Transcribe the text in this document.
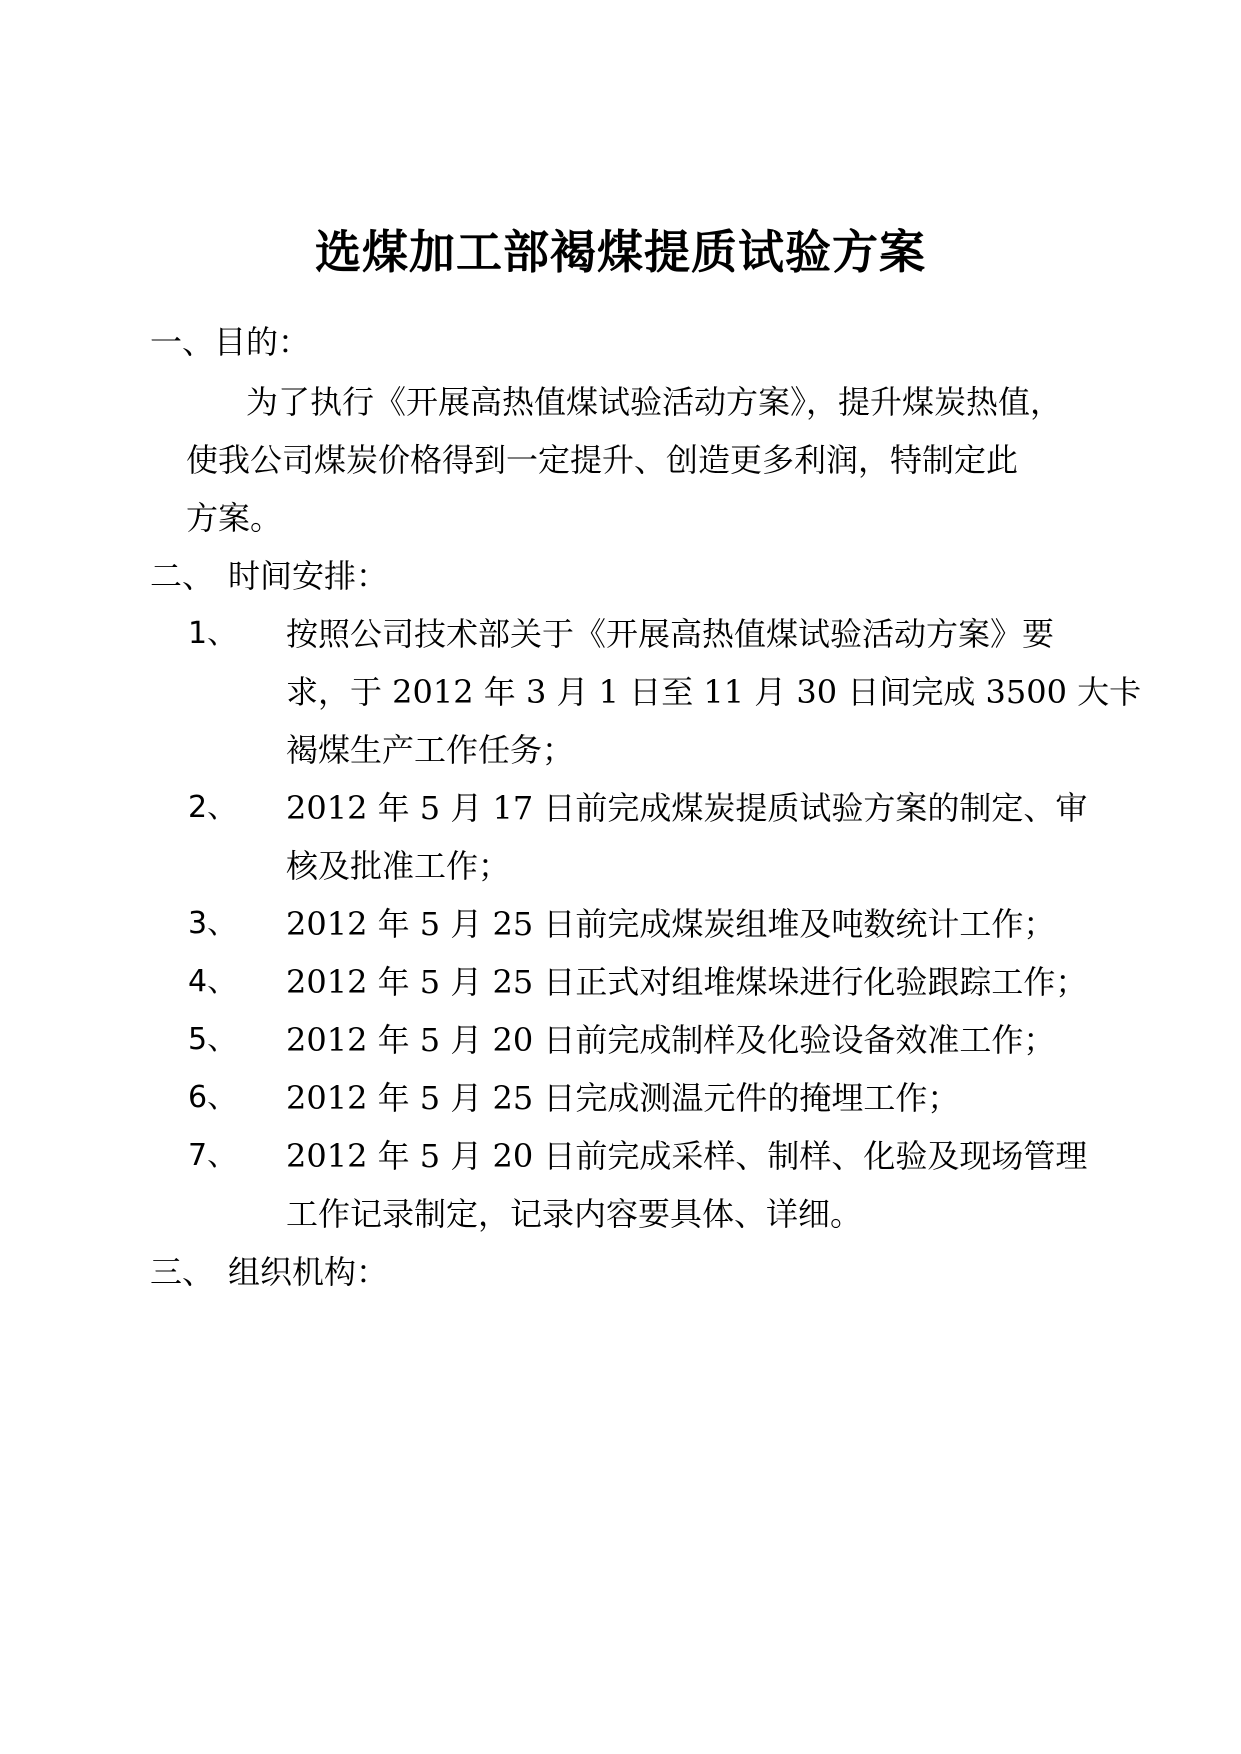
选煤加工部褐煤提质试验方案
一、目的：
为了执行《开展高热值煤试验活动方案》，提升煤炭热值，
使我公司煤炭价格得到一定提升、创造更多利润，特制定此
方案。
二、 时间安排：
1、 按照公司技术部关于《开展高热值煤试验活动方案》要
求，于 2012 年 3 月 1 日至 11 月 30 日间完成 3500 大卡
褐煤生产工作任务；
2、 2012 年 5 月 17 日前完成煤炭提质试验方案的制定、审
核及批准工作；
3、 2012 年 5 月 25 日前完成煤炭组堆及吨数统计工作；
4、 2012 年 5 月 25 日正式对组堆煤垛进行化验跟踪工作；
5、 2012 年 5 月 20 日前完成制样及化验设备效准工作；
6、 2012 年 5 月 25 日完成测温元件的掩埋工作；
7、 2012 年 5 月 20 日前完成采样、制样、化验及现场管理
工作记录制定，记录内容要具体、详细。
三、 组织机构：
